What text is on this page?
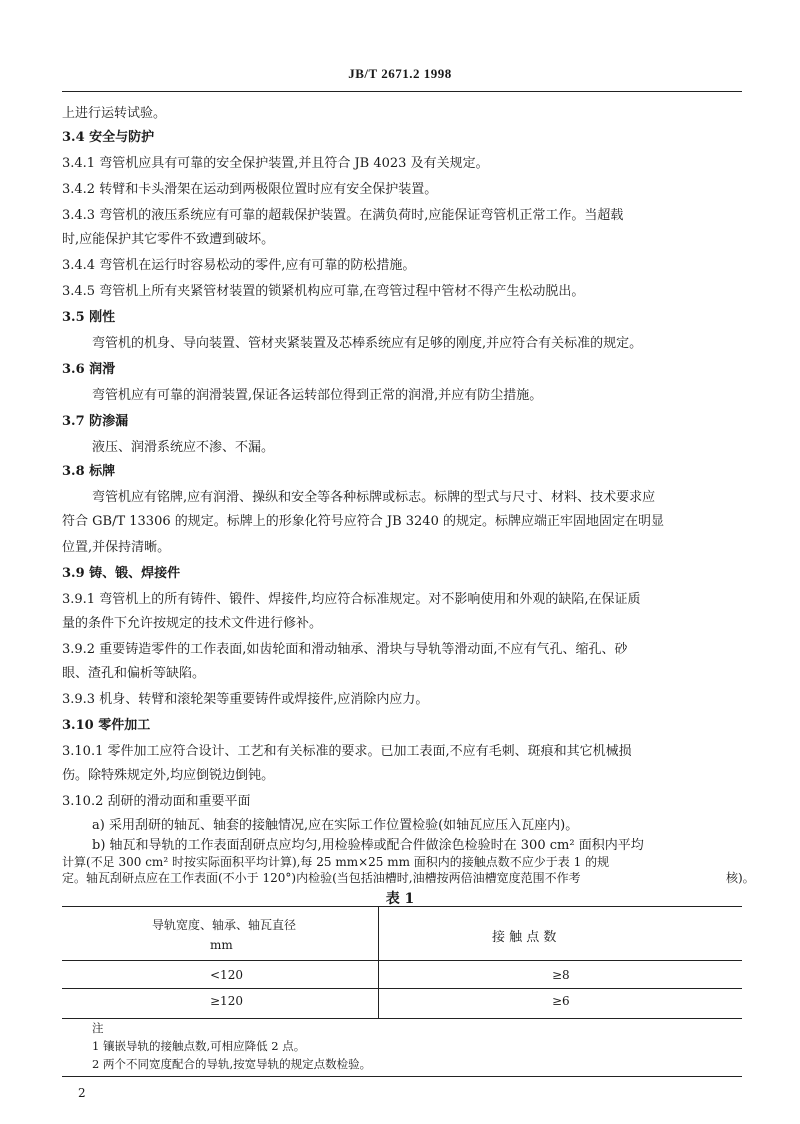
JB/T 2671.2 1998
上进行运转试验。
3.4 安全与防护
3.4.1 弯管机应具有可靠的安全保护装置,并且符合 JB 4023 及有关规定。
3.4.2 转臂和卡头滑架在运动到两极限位置时应有安全保护装置。
3.4.3 弯管机的液压系统应有可靠的超载保护装置。在满负荷时,应能保证弯管机正常工作。当超载
时,应能保护其它零件不致遭到破坏。
3.4.4 弯管机在运行时容易松动的零件,应有可靠的防松措施。
3.4.5 弯管机上所有夹紧管材装置的锁紧机构应可靠,在弯管过程中管材不得产生松动脱出。
3.5 刚性
弯管机的机身、导向装置、管材夹紧装置及芯棒系统应有足够的刚度,并应符合有关标准的规定。
3.6 润滑
弯管机应有可靠的润滑装置,保证各运转部位得到正常的润滑,并应有防尘措施。
3.7 防渗漏
液压、润滑系统应不渗、不漏。
3.8 标牌
弯管机应有铭牌,应有润滑、操纵和安全等各种标牌或标志。标牌的型式与尺寸、材料、技术要求应
符合 GB/T 13306 的规定。标牌上的形象化符号应符合 JB 3240 的规定。标牌应端正牢固地固定在明显
位置,并保持清晰。
3.9 铸、锻、焊接件
3.9.1 弯管机上的所有铸件、锻件、焊接件,均应符合标准规定。对不影响使用和外观的缺陷,在保证质
量的条件下允许按规定的技术文件进行修补。
3.9.2 重要铸造零件的工作表面,如齿轮面和滑动轴承、滑块与导轨等滑动面,不应有气孔、缩孔、砂
眼、渣孔和偏析等缺陷。
3.9.3 机身、转臂和滚轮架等重要铸件或焊接件,应消除内应力。
3.10 零件加工
3.10.1 零件加工应符合设计、工艺和有关标准的要求。已加工表面,不应有毛刺、斑痕和其它机械损
伤。除特殊规定外,均应倒锐边倒钝。
3.10.2 刮研的滑动面和重要平面
a) 采用刮研的轴瓦、轴套的接触情况,应在实际工作位置检验(如轴瓦应压入瓦座内)。
b) 轴瓦和导轨的工作表面刮研点应均匀,用检验棒或配合件做涂色检验时在 300 cm² 面积内平均
表 1
导轨宽度、轴承、轴瓦直径
mm	接 触 点 数
<120	≥8
≥120	≥6
注
1 镶嵌导轨的接触点数,可相应降低 2 点。
2 两个不同宽度配合的导轨,按宽导轨的规定点数检验。
2
计算(不足 300 cm² 时按实际面积平均计算),每 25 mm×25 mm 面积内的接触点数不应少于表 1 的规
定。轴瓦刮研点应在工作表面(不小于 120°)内检验(当包括油槽时,油槽按两倍油槽宽度范围不作考	核)。
